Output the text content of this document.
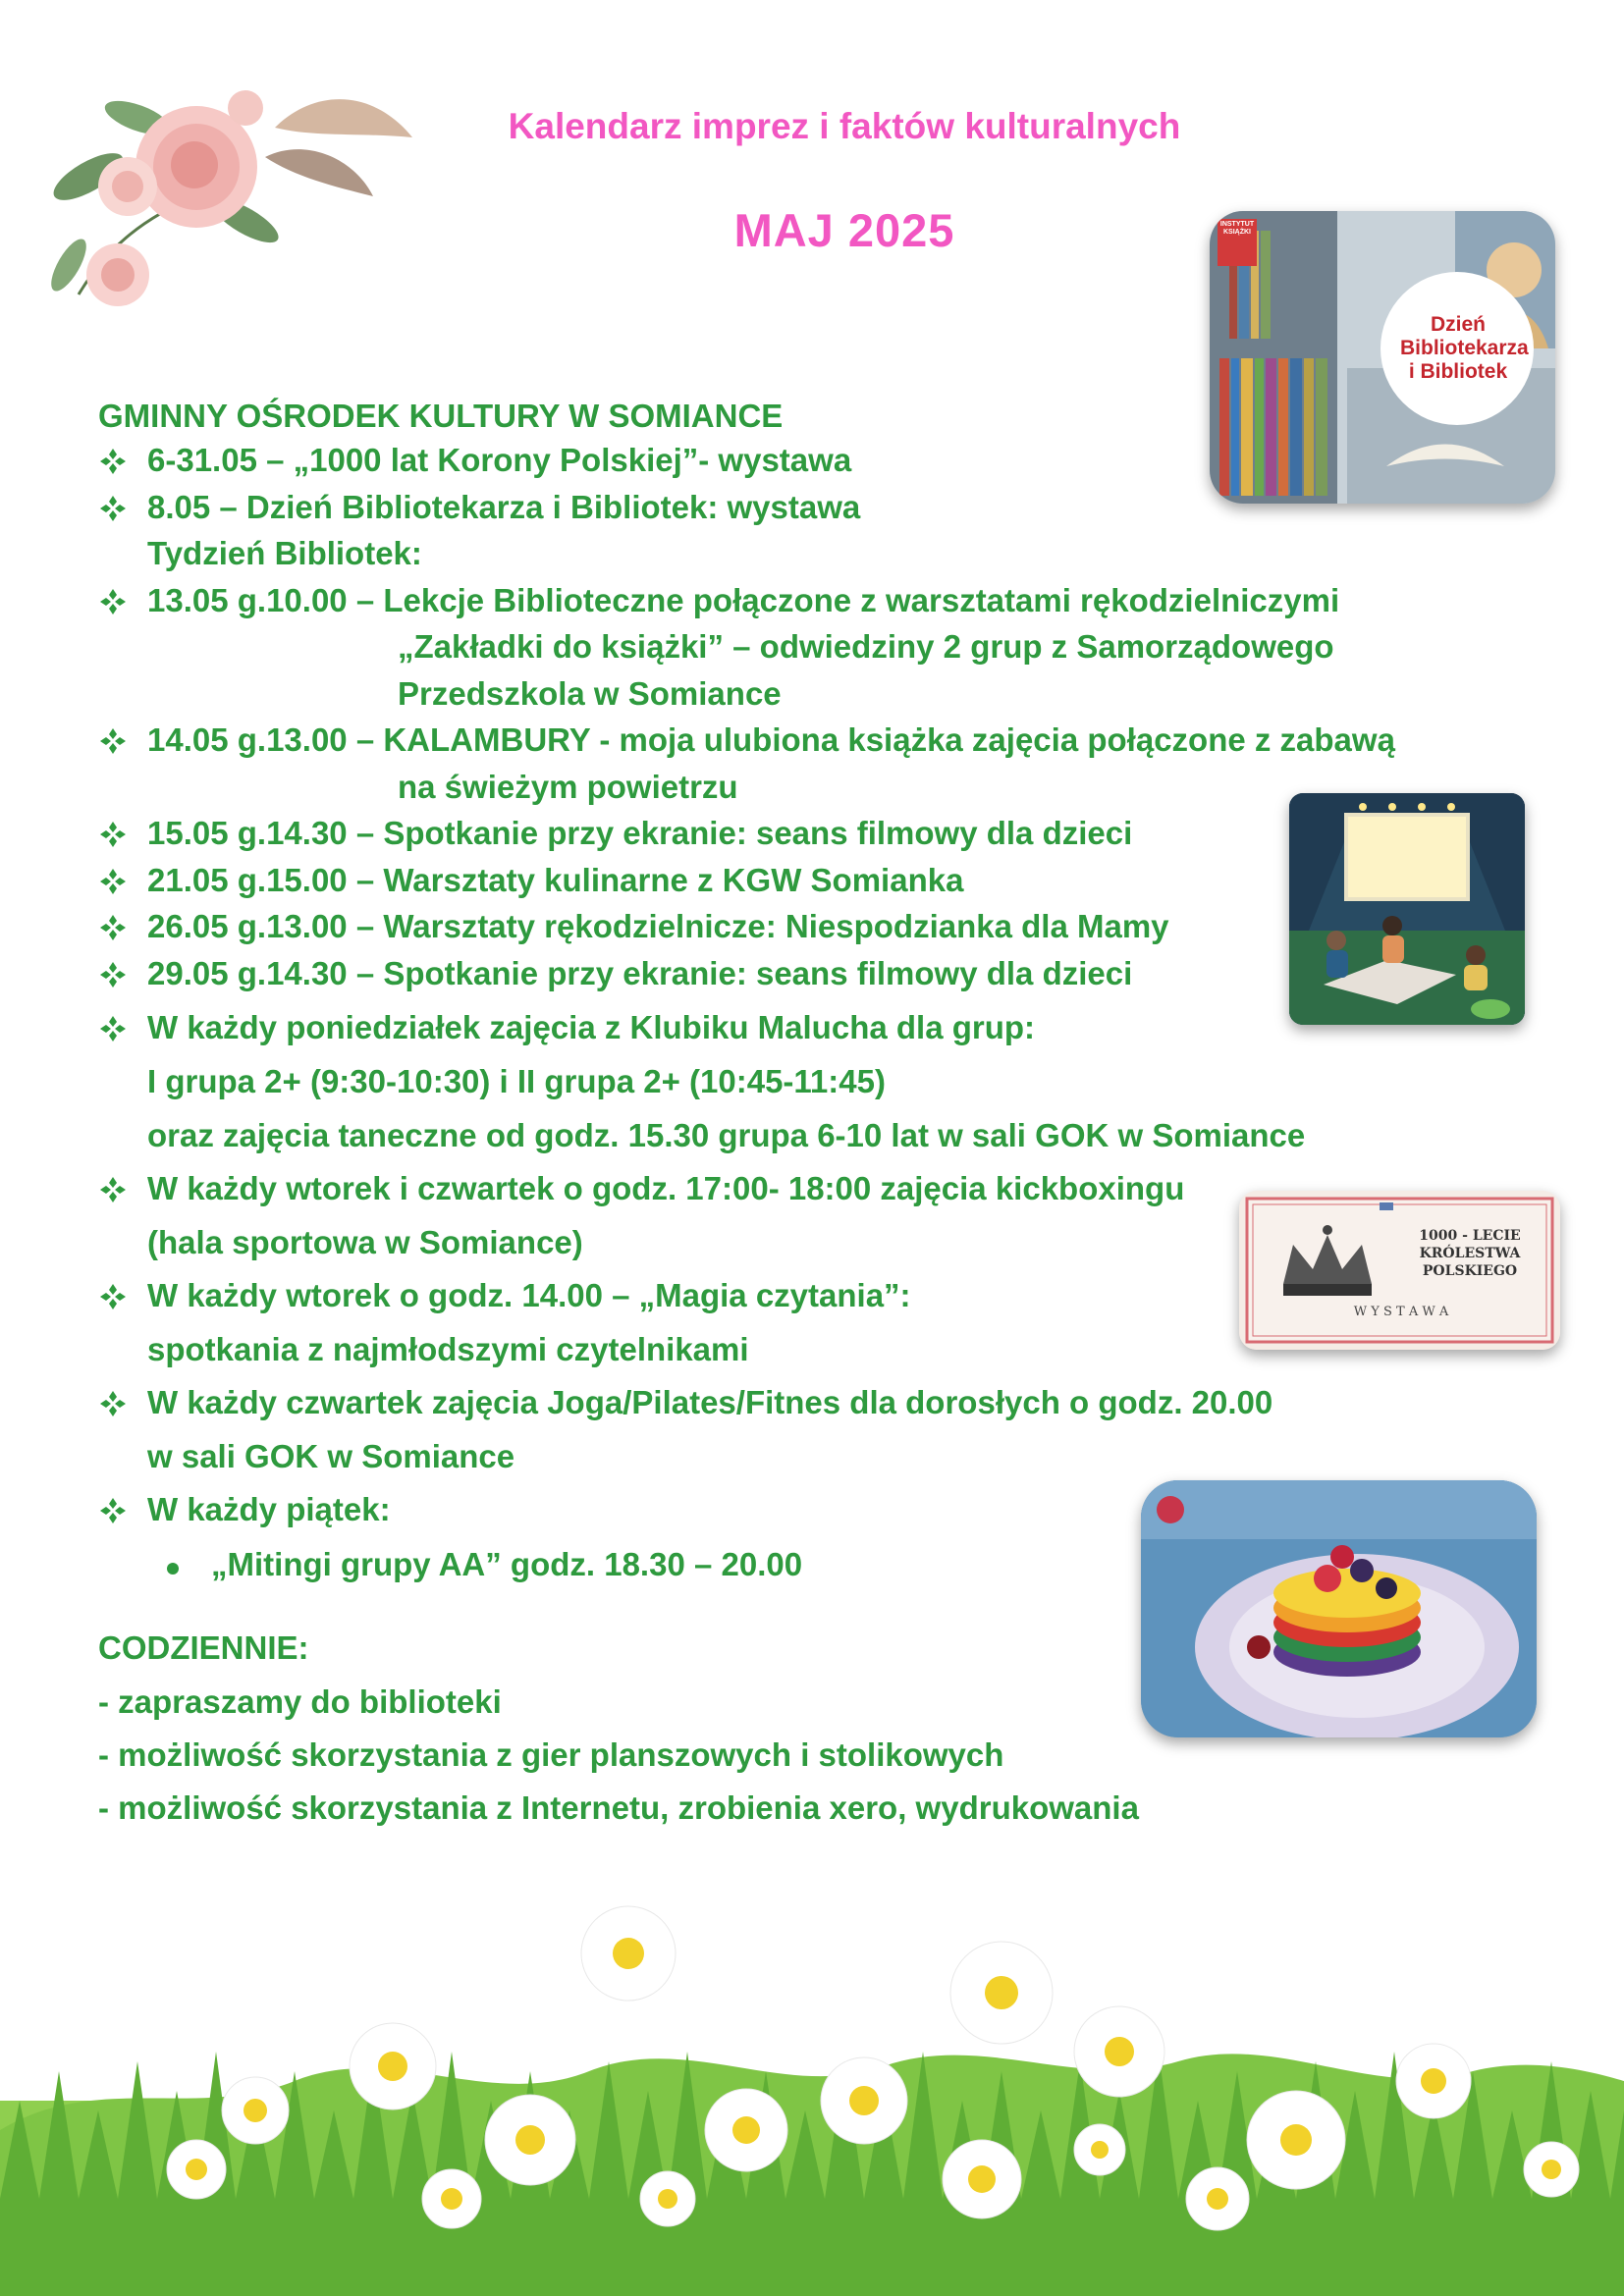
Kalendarz imprez i faktów kulturalnych
MAJ 2025	INSTYTUT KSIĄŻKI
Dzień Bibliotekarza i Bibliotek
1000 - LECIE
KRÓLESTWA
POLSKIEGO
W Y S T A W A
GMINNY OŚRODEK KULTURY W SOMIANCE
6-31.05 – „1000 lat Korony Polskiej”- wystawa
8.05 – Dzień Bibliotekarza i Bibliotek: wystawa
Tydzień Bibliotek:
13.05 g.10.00 – Lekcje Biblioteczne połączone z warsztatami rękodzielniczymi
„Zakładki do książki” – odwiedziny 2 grup z Samorządowego
Przedszkola w Somiance
14.05 g.13.00 – KALAMBURY - moja ulubiona książka zajęcia połączone z zabawą
na świeżym powietrzu
15.05 g.14.30 – Spotkanie przy ekranie: seans filmowy dla dzieci
21.05 g.15.00 – Warsztaty kulinarne z KGW Somianka
26.05 g.13.00 – Warsztaty rękodzielnicze: Niespodzianka dla Mamy
29.05 g.14.30 – Spotkanie przy ekranie: seans filmowy dla dzieci
W każdy poniedziałek zajęcia z Klubiku Malucha dla grup:
I grupa 2+ (9:30-10:30) i II grupa 2+ (10:45-11:45)
oraz zajęcia taneczne od godz. 15.30 grupa 6-10 lat w sali GOK w Somiance
W każdy wtorek i czwartek o godz. 17:00- 18:00 zajęcia kickboxingu
(hala sportowa w Somiance)
W każdy wtorek o godz. 14.00 – „Magia czytania”:
spotkania z najmłodszymi czytelnikami
W każdy czwartek zajęcia Joga/Pilates/Fitnes dla dorosłych o godz. 20.00
w sali GOK w Somiance
W każdy piątek:
„Mitingi grupy AA” godz. 18.30 – 20.00
CODZIENNIE:
- zapraszamy do biblioteki
- możliwość skorzystania z gier planszowych i stolikowych
- możliwość skorzystania z Internetu, zrobienia xero, wydrukowania
